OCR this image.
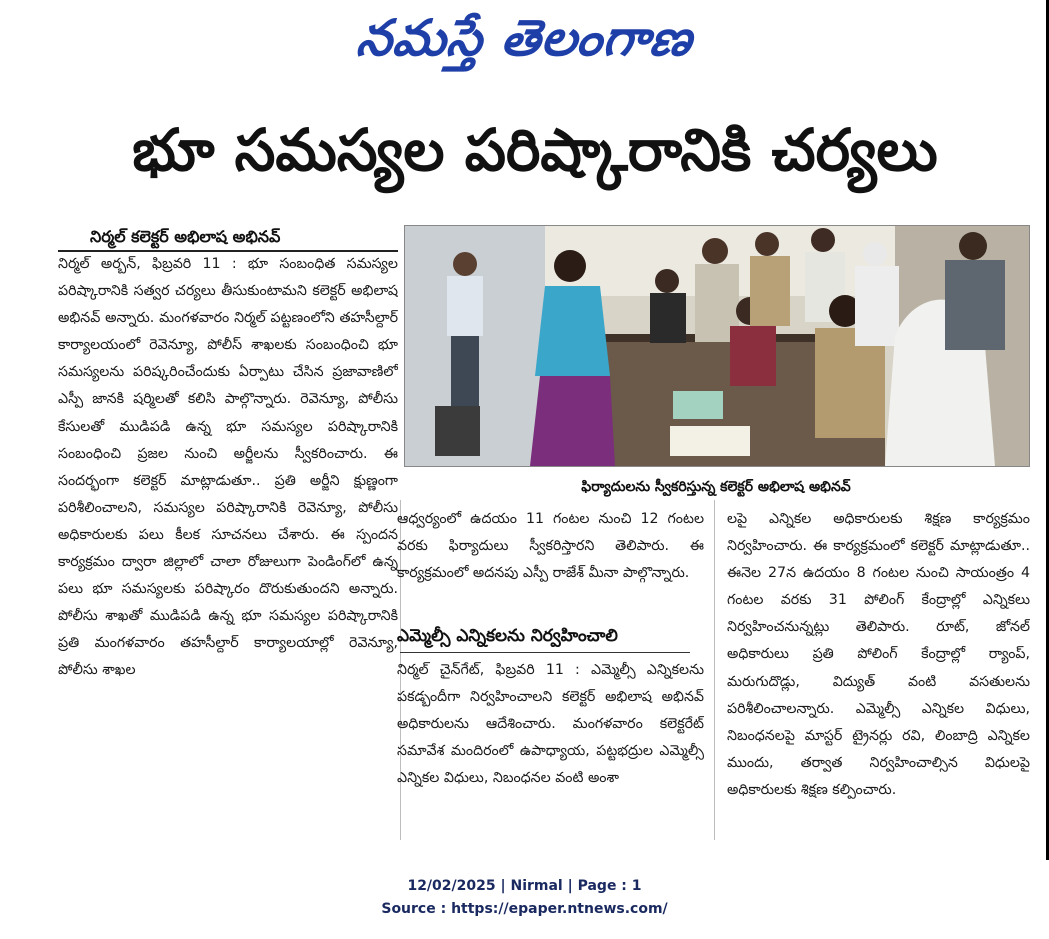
నమస్తే తెలంగాణ
భూ సమస్యల పరిష్కారానికి చర్యలు
నిర్మల్ కలెక్టర్ అభిలాష అభినవ్
నిర్మల్ అర్బన్, ఫిబ్రవరి 11 : భూ సంబంధిత సమస్యల పరిష్కారానికి సత్వర చర్యలు తీసుకుంటామని కలెక్టర్ అభిలాష అభినవ్ అన్నారు. మంగళవారం నిర్మల్ పట్టణంలోని తహసీల్దార్ కార్యాలయంలో రెవెన్యూ, పోలీస్ శాఖలకు సంబంధించి భూ సమస్యలను పరిష్కరించేందుకు ఏర్పాటు చేసిన ప్రజావాణిలో ఎస్పీ జానకి షర్మిలతో కలిసి పాల్గొన్నారు. రెవెన్యూ, పోలీసు కేసులతో ముడిపడి ఉన్న భూ సమస్యల పరిష్కారానికి సంబంధించి ప్రజల నుంచి అర్జీలను స్వీకరించారు. ఈ సందర్భంగా కలెక్టర్ మాట్లాడుతూ.. ప్రతి అర్జీని క్షుణ్ణంగా పరిశీలించాలని, సమస్యల పరిష్కారానికి రెవెన్యూ, పోలీసు అధికారులకు పలు కీలక సూచనలు చేశారు. ఈ స్పందన కార్యక్రమం ద్వారా జిల్లాలో చాలా రోజులుగా పెండింగ్‌లో ఉన్న పలు భూ సమస్యలకు పరిష్కారం దొరుకుతుందని అన్నారు. పోలీసు శాఖతో ముడిపడి ఉన్న భూ సమస్యల పరిష్కారానికి ప్రతి మంగళవారం తహసీల్దార్ కార్యాలయాల్లో రెవెన్యూ, పోలీసు శాఖల
ఫిర్యాదులను స్వీకరిస్తున్న కలెక్టర్ అభిలాష అభినవ్
ఆధ్వర్యంలో ఉదయం 11 గంటల నుంచి 12 గంటల వరకు ఫిర్యాదులు స్వీకరిస్తారని తెలిపారు. ఈ కార్యక్రమంలో అదనపు ఎస్పీ రాజేశ్ మీనా పాల్గొన్నారు.
ఎమ్మెల్సీ ఎన్నికలను నిర్వహించాలి
నిర్మల్ చైన్‌గేట్, ఫిబ్రవరి 11 : ఎమ్మెల్సీ ఎన్నికలను పకడ్బందీగా నిర్వహించాలని కలెక్టర్ అభిలాష అభినవ్ అధికారులను ఆదేశించారు. మంగళవారం కలెక్టరేట్ సమావేశ మందిరంలో ఉపాధ్యాయ, పట్టభద్రుల ఎమ్మెల్సీ ఎన్నికల విధులు, నిబంధనల వంటి అంశా
లపై ఎన్నికల అధికారులకు శిక్షణ కార్యక్రమం నిర్వహించారు. ఈ కార్యక్రమంలో కలెక్టర్ మాట్లాడుతూ.. ఈనెల 27న ఉదయం 8 గంటల నుంచి సాయంత్రం 4 గంటల వరకు 31 పోలింగ్ కేంద్రాల్లో ఎన్నికలు నిర్వహించనున్నట్లు తెలిపారు. రూట్, జోనల్ అధికారులు ప్రతి పోలింగ్ కేంద్రాల్లో ర్యాంప్, మరుగుదొడ్లు, విద్యుత్ వంటి వసతులను పరిశీలించాలన్నారు. ఎమ్మెల్సీ ఎన్నికల విధులు, నిబంధనలపై మాస్టర్ ట్రైనర్లు రవి, లింబాద్రి ఎన్నికల ముందు, తర్వాత నిర్వహించాల్సిన విధులపై అధికారులకు శిక్షణ కల్పించారు.
12/02/2025 | Nirmal | Page : 1
Source : https://epaper.ntnews.com/
